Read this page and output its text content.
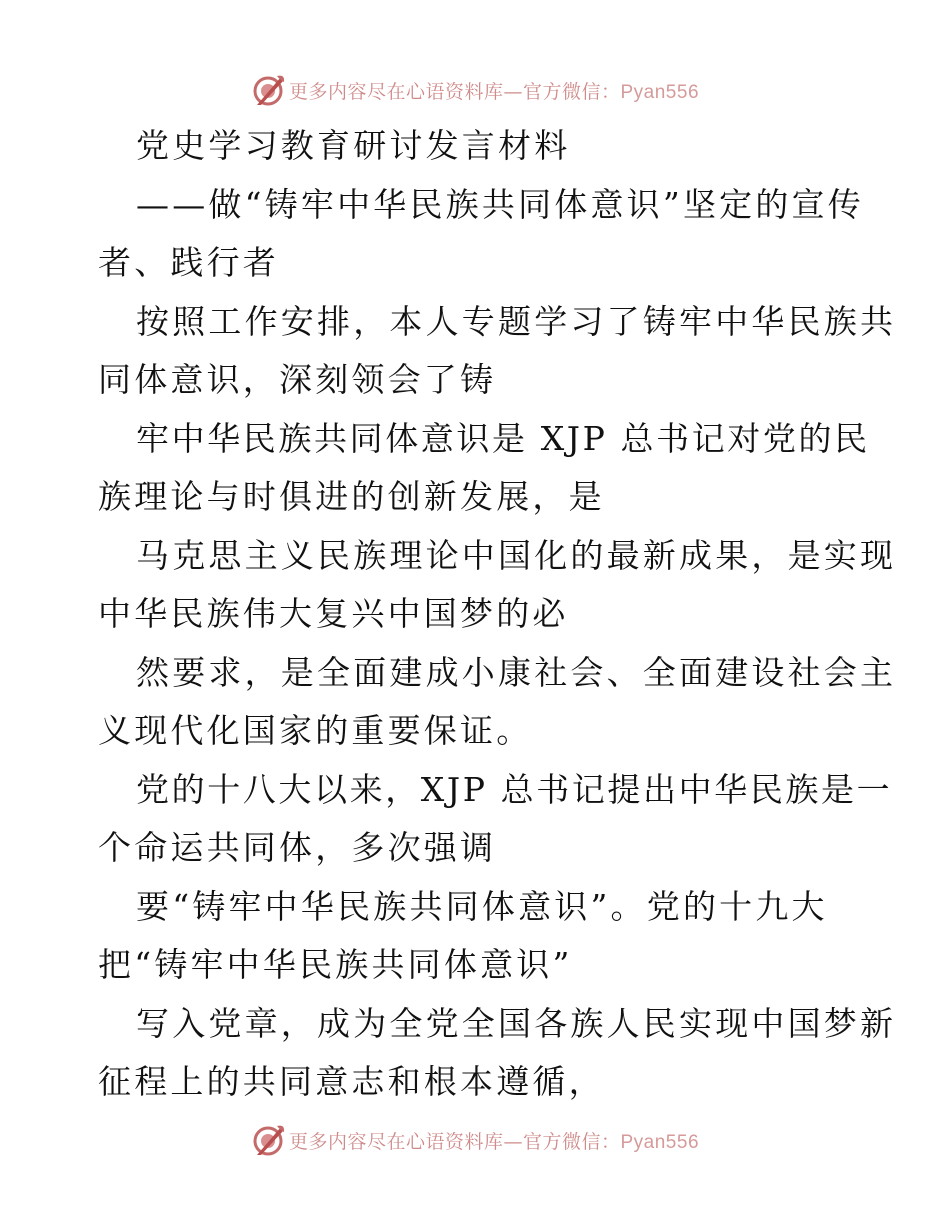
更多内容尽在心语资料库—官方微信：Pyan556
党史学习教育研讨发言材料
——做“铸牢中华民族共同体意识”坚定的宣传
者、践行者
按照工作安排，本人专题学习了铸牢中华民族共
同体意识，深刻领会了铸
牢中华民族共同体意识是 XJP 总书记对党的民
族理论与时俱进的创新发展，是
马克思主义民族理论中国化的最新成果，是实现
中华民族伟大复兴中国梦的必
然要求，是全面建成小康社会、全面建设社会主
义现代化国家的重要保证。
党的十八大以来，XJP 总书记提出中华民族是一
个命运共同体，多次强调
要“铸牢中华民族共同体意识”。党的十九大
把“铸牢中华民族共同体意识”
写入党章，成为全党全国各族人民实现中国梦新
征程上的共同意志和根本遵循，
更多内容尽在心语资料库—官方微信：Pyan556
